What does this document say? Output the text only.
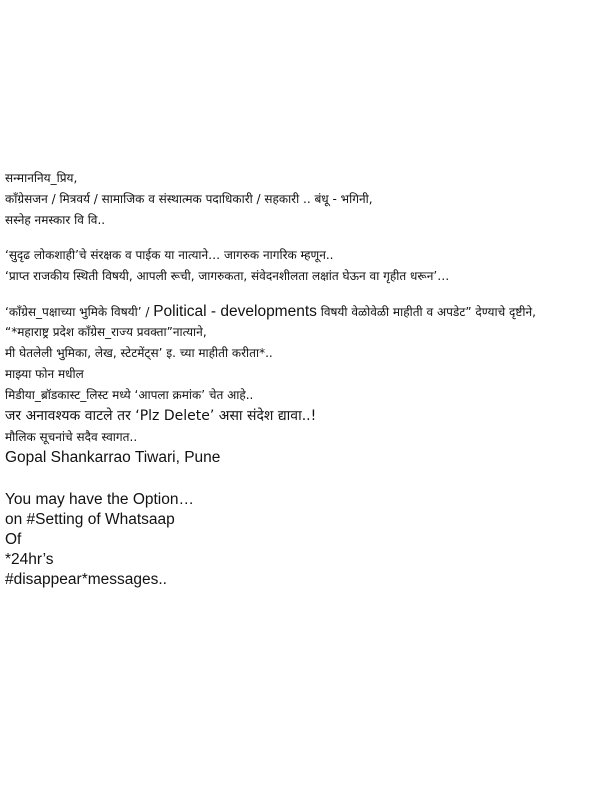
सन्माननिय_प्रिय,
काँग्रेसजन / मित्रवर्य / सामाजिक व संस्थात्मक पदाधिकारी / सहकारी .. बंधू - भगिनी,
सस्नेह नमस्कार वि वि..
‘सुदृढ लोकशाही’चे संरक्षक व पाईक या नात्याने… जागरुक नागरिक म्हणून..
‘प्राप्त राजकीय स्थिती विषयी, आपली रूची, जागरुकता, संवेदनशीलता लक्षांत घेऊन वा गृहीत धरून’…
‘काँग्रेस_पक्षाच्या भुमिके विषयी’ / Political - developments विषयी वेळोवेळी माहीती व अपडेट” देण्याचे दृष्टीने,
“*महाराष्ट्र प्रदेश काँग्रेस_राज्य प्रवक्ता”नात्याने,
मी घेतलेली भुमिका, लेख, स्टेटमेंट्स’ इ. च्या माहीती करीता*..
माझ्या फोन मधील
मिडीया_ब्रॉडकास्ट_लिस्ट मध्ये ‘आपला क्रमांक’ चेत आहे..
जर अनावश्यक वाटले तर ‘Plz Delete’ असा संदेश द्यावा..!
मौलिक सूचनांचे सदैव स्वागत..
Gopal Shankarrao Tiwari, Pune
You may have the Option…
on #Setting of Whatsaap
Of
*24hr’s
#disappear*messages..
